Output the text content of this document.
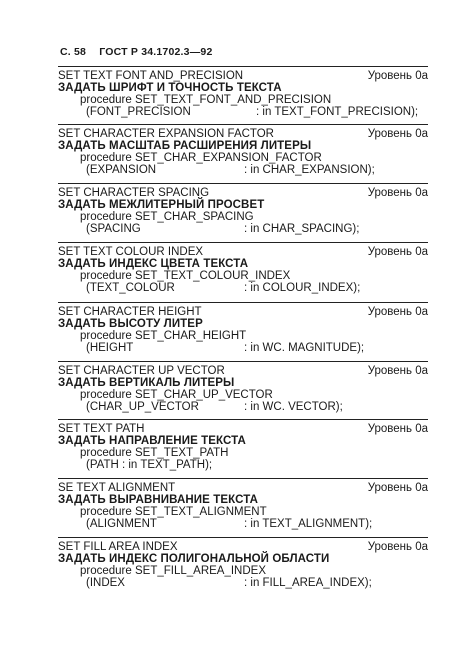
С. 58 ГОСТ Р 34.1702.3—92
SET TEXT FONT AND_PRECISION	Уровень 0а
ЗАДАТЬ ШРИФТ И ТОЧНОСТЬ ТЕКСТА
procedure SET_TEXT_FONT_AND_PRECISION
(FONT_PRECISION	: in TEXT_FONT_PRECISION);
SET CHARACTER EXPANSION FACTOR	Уровень 0а
ЗАДАТЬ МАСШТАБ РАСШИРЕНИЯ ЛИТЕРЫ
procedure SET_CHAR_EXPANSION_FACTOR
(EXPANSION	: in CHAR_EXPANSION);
SET CHARACTER SPACING	Уровень 0а
ЗАДАТЬ МЕЖЛИТЕРНЫЙ ПРОСВЕТ
procedure SET_CHAR_SPACING
(SPACING	: in CHAR_SPACING);
SET TEXT COLOUR INDEX	Уровень 0а
ЗАДАТЬ ИНДЕКС ЦВЕТА ТЕКСТА
procedure SET_TEXT_COLOUR_INDEX
(TEXT_COLOUR	: in COLOUR_INDEX);
SET CHARACTER HEIGHT	Уровень 0а
ЗАДАТЬ ВЫСОТУ ЛИТЕР
procedure SET_CHAR_HEIGHT
(HEIGHT	: in WC. MAGNITUDE);
SET CHARACTER UP VECTOR	Уровень 0а
ЗАДАТЬ ВЕРТИКАЛЬ ЛИТЕРЫ
procedure SET_CHAR_UP_VECTOR
(CHAR_UP_VECTOR	: in WC. VECTOR);
SET TEXT PATH	Уровень 0а
ЗАДАТЬ НАПРАВЛЕНИЕ ТЕКСТА
procedure SET_TEXT_PATH
(PATH : in TEXT_PATH);
SE TEXT ALIGNMENT	Уровень 0а
ЗАДАТЬ ВЫРАВНИВАНИЕ ТЕКСТА
procedure SET_TEXT_ALIGNMENT
(ALIGNMENT	: in TEXT_ALIGNMENT);
SET FILL AREA INDEX	Уровень 0а
ЗАДАТЬ ИНДЕКС ПОЛИГОНАЛЬНОЙ ОБЛАСТИ
procedure SET_FILL_AREA_INDEX
(INDEX	: in FILL_AREA_INDEX);
